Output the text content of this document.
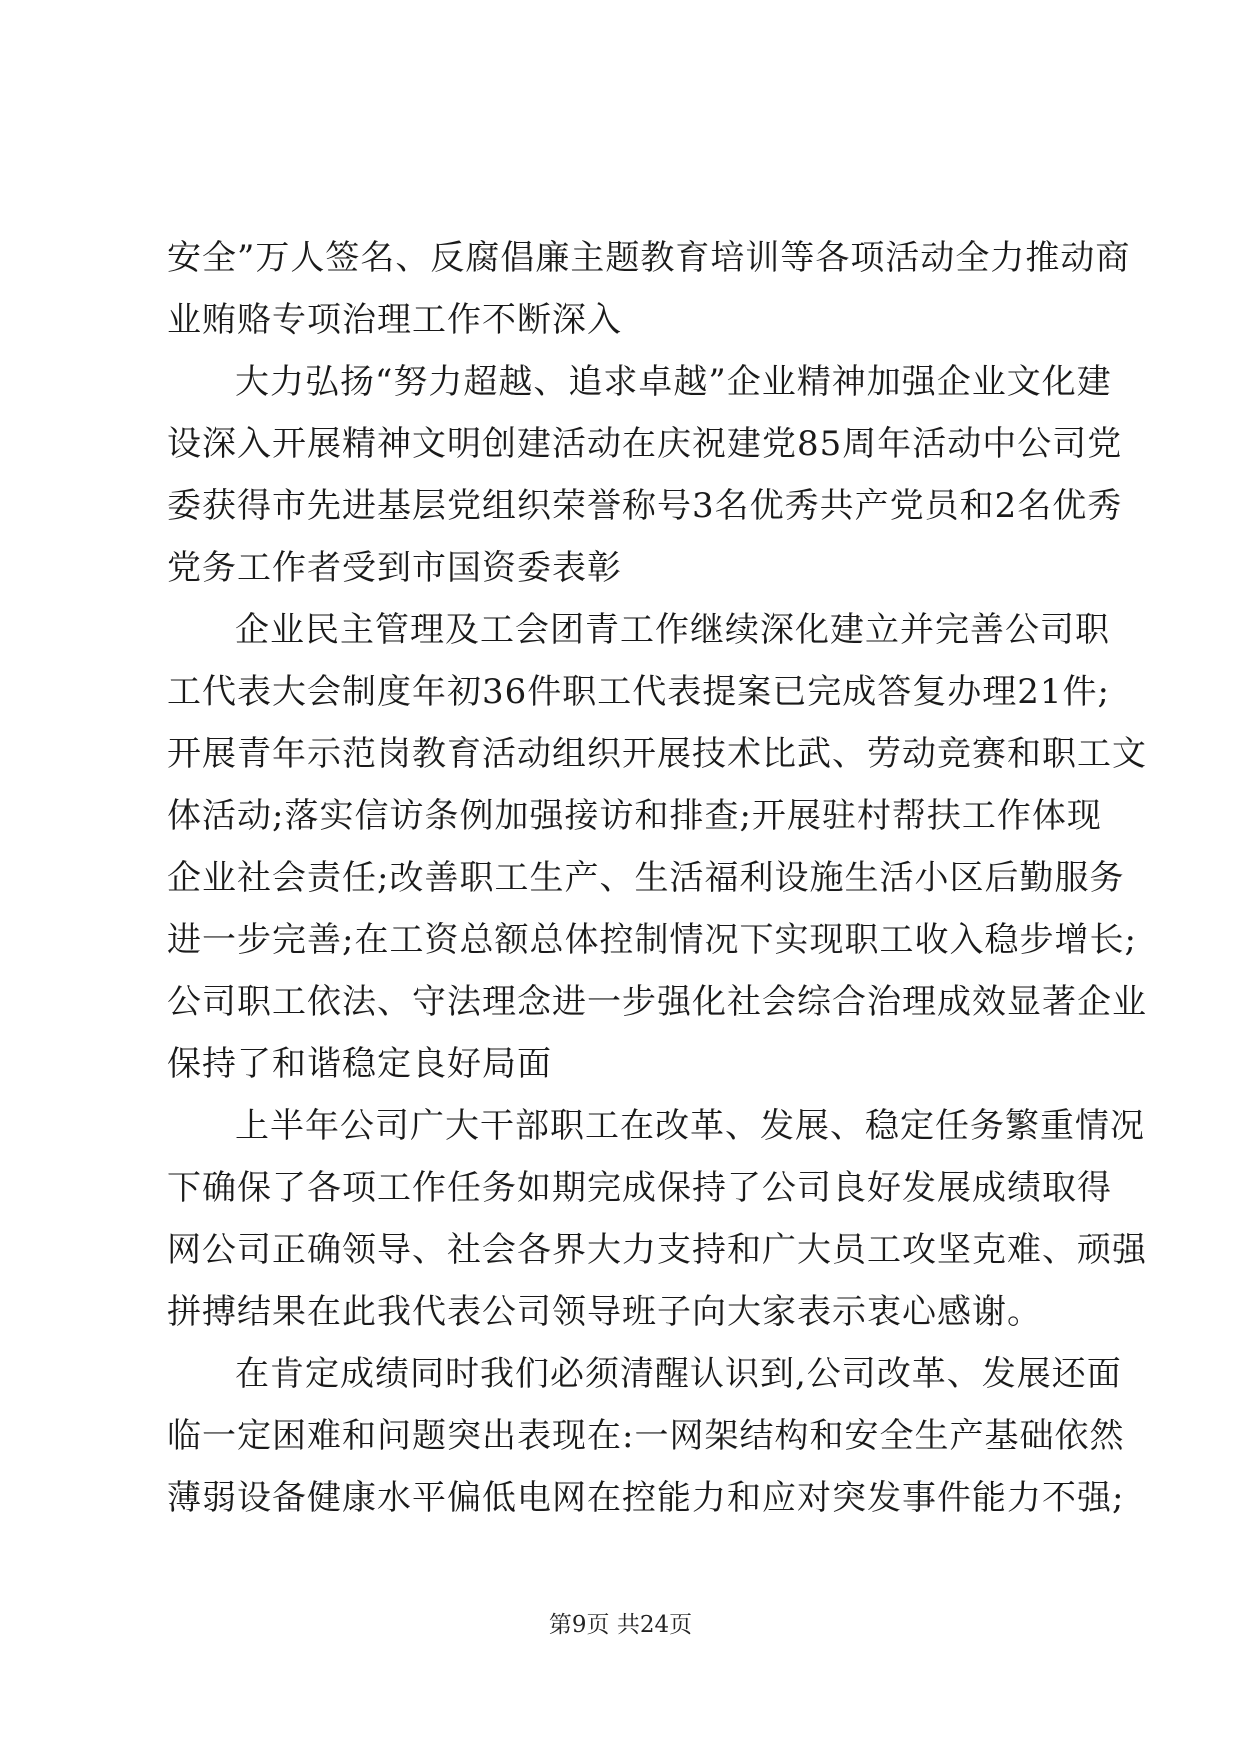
安全”万人签名、反腐倡廉主题教育培训等各项活动全力推动商
业贿赂专项治理工作不断深入
大力弘扬“努力超越、追求卓越”企业精神加强企业文化建
设深入开展精神文明创建活动在庆祝建党85周年活动中公司党
委获得市先进基层党组织荣誉称号3名优秀共产党员和2名优秀
党务工作者受到市国资委表彰
企业民主管理及工会团青工作继续深化建立并完善公司职
工代表大会制度年初36件职工代表提案已完成答复办理21件;
开展青年示范岗教育活动组织开展技术比武、劳动竞赛和职工文
体活动;落实信访条例加强接访和排查;开展驻村帮扶工作体现
企业社会责任;改善职工生产、生活福利设施生活小区后勤服务
进一步完善;在工资总额总体控制情况下实现职工收入稳步增长;
公司职工依法、守法理念进一步强化社会综合治理成效显著企业
保持了和谐稳定良好局面
上半年公司广大干部职工在改革、发展、稳定任务繁重情况
下确保了各项工作任务如期完成保持了公司良好发展成绩取得
网公司正确领导、社会各界大力支持和广大员工攻坚克难、顽强
拼搏结果在此我代表公司领导班子向大家表示衷心感谢。
在肯定成绩同时我们必须清醒认识到,公司改革、发展还面
临一定困难和问题突出表现在:一网架结构和安全生产基础依然
薄弱设备健康水平偏低电网在控能力和应对突发事件能力不强;
第9页 共24页
